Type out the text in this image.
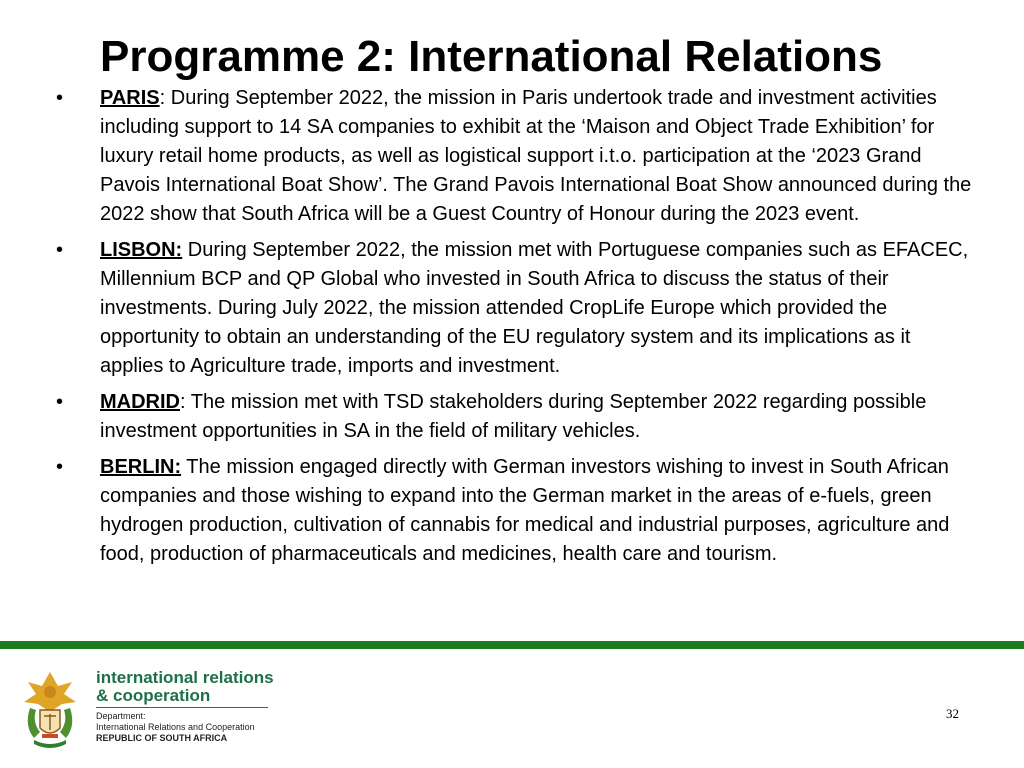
Programme 2: International Relations
•	PARIS: During September 2022, the mission in Paris undertook trade and investment activities including support to 14 SA companies to exhibit at the ‘Maison and Object Trade Exhibition’ for luxury retail home products, as well as logistical support i.t.o. participation at the ‘2023 Grand Pavois International Boat Show’. The Grand Pavois International Boat Show announced during the 2022 show that South Africa will be a Guest Country of Honour during the 2023 event.
•	LISBON: During September 2022, the mission met with Portuguese companies such as EFACEC, Millennium BCP and QP Global who invested in South Africa to discuss the status of their investments. During July 2022, the mission attended CropLife Europe which provided the opportunity to obtain an understanding of the EU regulatory system and its implications as it applies to Agriculture trade, imports and investment.
•	MADRID: The mission met with TSD stakeholders during September 2022 regarding possible investment opportunities in SA in the field of military vehicles.
•	BERLIN: The mission engaged directly with German investors wishing to invest in South African companies and those wishing to expand into the German market in the areas of e-fuels, green hydrogen production, cultivation of cannabis for medical and industrial purposes, agriculture and food, production of pharmaceuticals and medicines, health care and tourism.
international relations
& cooperation
Department:
International Relations and Cooperation
REPUBLIC OF SOUTH AFRICA
32
